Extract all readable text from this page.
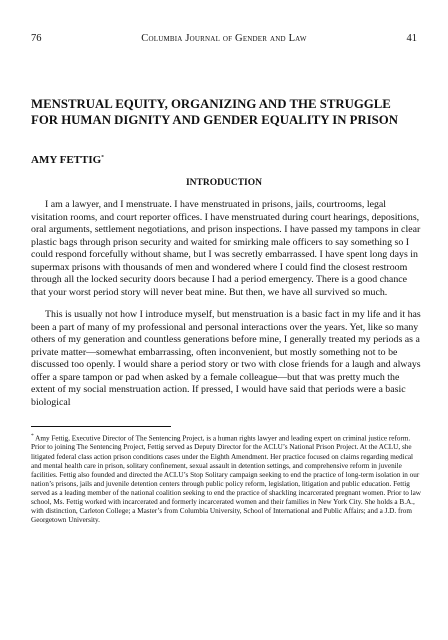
76	Columbia Journal of Gender and Law	41
MENSTRUAL EQUITY, ORGANIZING AND THE STRUGGLE FOR HUMAN DIGNITY AND GENDER EQUALITY IN PRISON

AMY FETTIG*

INTRODUCTION

I am a lawyer, and I menstruate. I have menstruated in prisons, jails, courtrooms, legal visitation rooms, and court reporter offices. I have menstruated during court hearings, depositions, oral arguments, settlement negotiations, and prison inspections. I have passed my tampons in clear plastic bags through prison security and waited for smirking male officers to say something so I could respond forcefully without shame, but I was secretly embarrassed. I have spent long days in supermax prisons with thousands of men and wondered where I could find the closest restroom through all the locked security doors because I had a period emergency. There is a good chance that your worst period story will never beat mine. But then, we have all survived so much.

This is usually not how I introduce myself, but menstruation is a basic fact in my life and it has been a part of many of my professional and personal interactions over the years. Yet, like so many others of my generation and countless generations before mine, I generally treated my periods as a private matter—somewhat embarrassing, often inconvenient, but mostly something not to be discussed too openly. I would share a period story or two with close friends for a laugh and always offer a spare tampon or pad when asked by a female colleague—but that was pretty much the extent of my social menstruation action. If pressed, I would have said that periods were a basic biological

* Amy Fettig, Executive Director of The Sentencing Project, is a human rights lawyer and leading expert on criminal justice reform. Prior to joining The Sentencing Project, Fettig served as Deputy Director for the ACLU’s National Prison Project. At the ACLU, she litigated federal class action prison conditions cases under the Eighth Amendment. Her practice focused on claims regarding medical and mental health care in prison, solitary confinement, sexual assault in detention settings, and comprehensive reform in juvenile facilities. Fettig also founded and directed the ACLU’s Stop Solitary campaign seeking to end the practice of long-term isolation in our nation’s prisons, jails and juvenile detention centers through public policy reform, legislation, litigation and public education. Fettig served as a leading member of the national coalition seeking to end the practice of shackling incarcerated pregnant women. Prior to law school, Ms. Fettig worked with incarcerated and formerly incarcerated women and their families in New York City. She holds a B.A., with distinction, Carleton College; a Master’s from Columbia University, School of International and Public Affairs; and a J.D. from Georgetown University.
